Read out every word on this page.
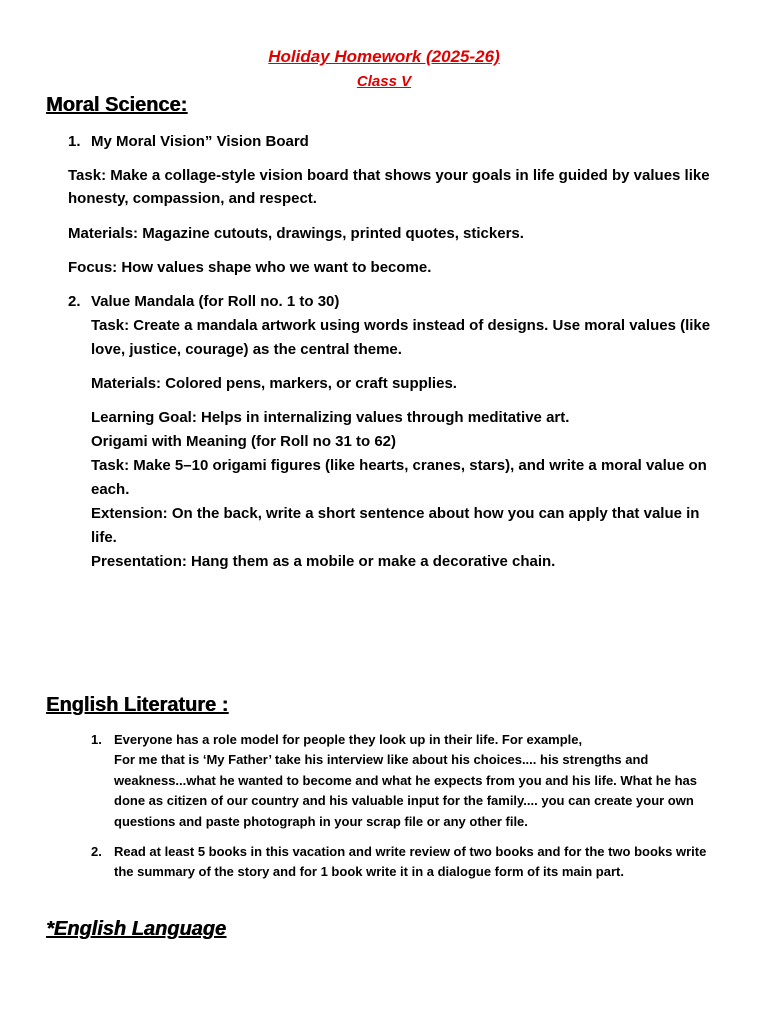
Holiday Homework (2025-26)
Class V
Moral Science:
1. My Moral Vision” Vision Board
Task: Make a collage-style vision board that shows your goals in life guided by values like
honesty, compassion, and respect.
Materials: Magazine cutouts, drawings, printed quotes, stickers.
Focus: How values shape who we want to become.
2. Value Mandala (for Roll no. 1 to 30)
Task: Create a mandala artwork using words instead of designs. Use moral values (like
love, justice, courage) as the central theme.
Materials: Colored pens, markers, or craft supplies.
Learning Goal: Helps in internalizing values through meditative art.
Origami with Meaning (for Roll no 31 to 62)
Task: Make 5–10 origami figures (like hearts, cranes, stars), and write a moral value on
each.
Extension: On the back, write a short sentence about how you can apply that value in
life.
Presentation: Hang them as a mobile or make a decorative chain.
English Literature :
1. Everyone has a role model for people they look up in their life. For example,
For me that is ‘My Father’ take his interview like about his choices.... his strengths and
weakness...what he wanted to become and what he expects from you and his life. What he has
done as citizen of our country and his valuable input for the family.... you can create your own
questions and paste photograph in your scrap file or any other file.
2. Read at least 5 books in this vacation and write review of two books and for the two books write
the summary of the story and for 1 book write it in a dialogue form of its main part.
*English Language
